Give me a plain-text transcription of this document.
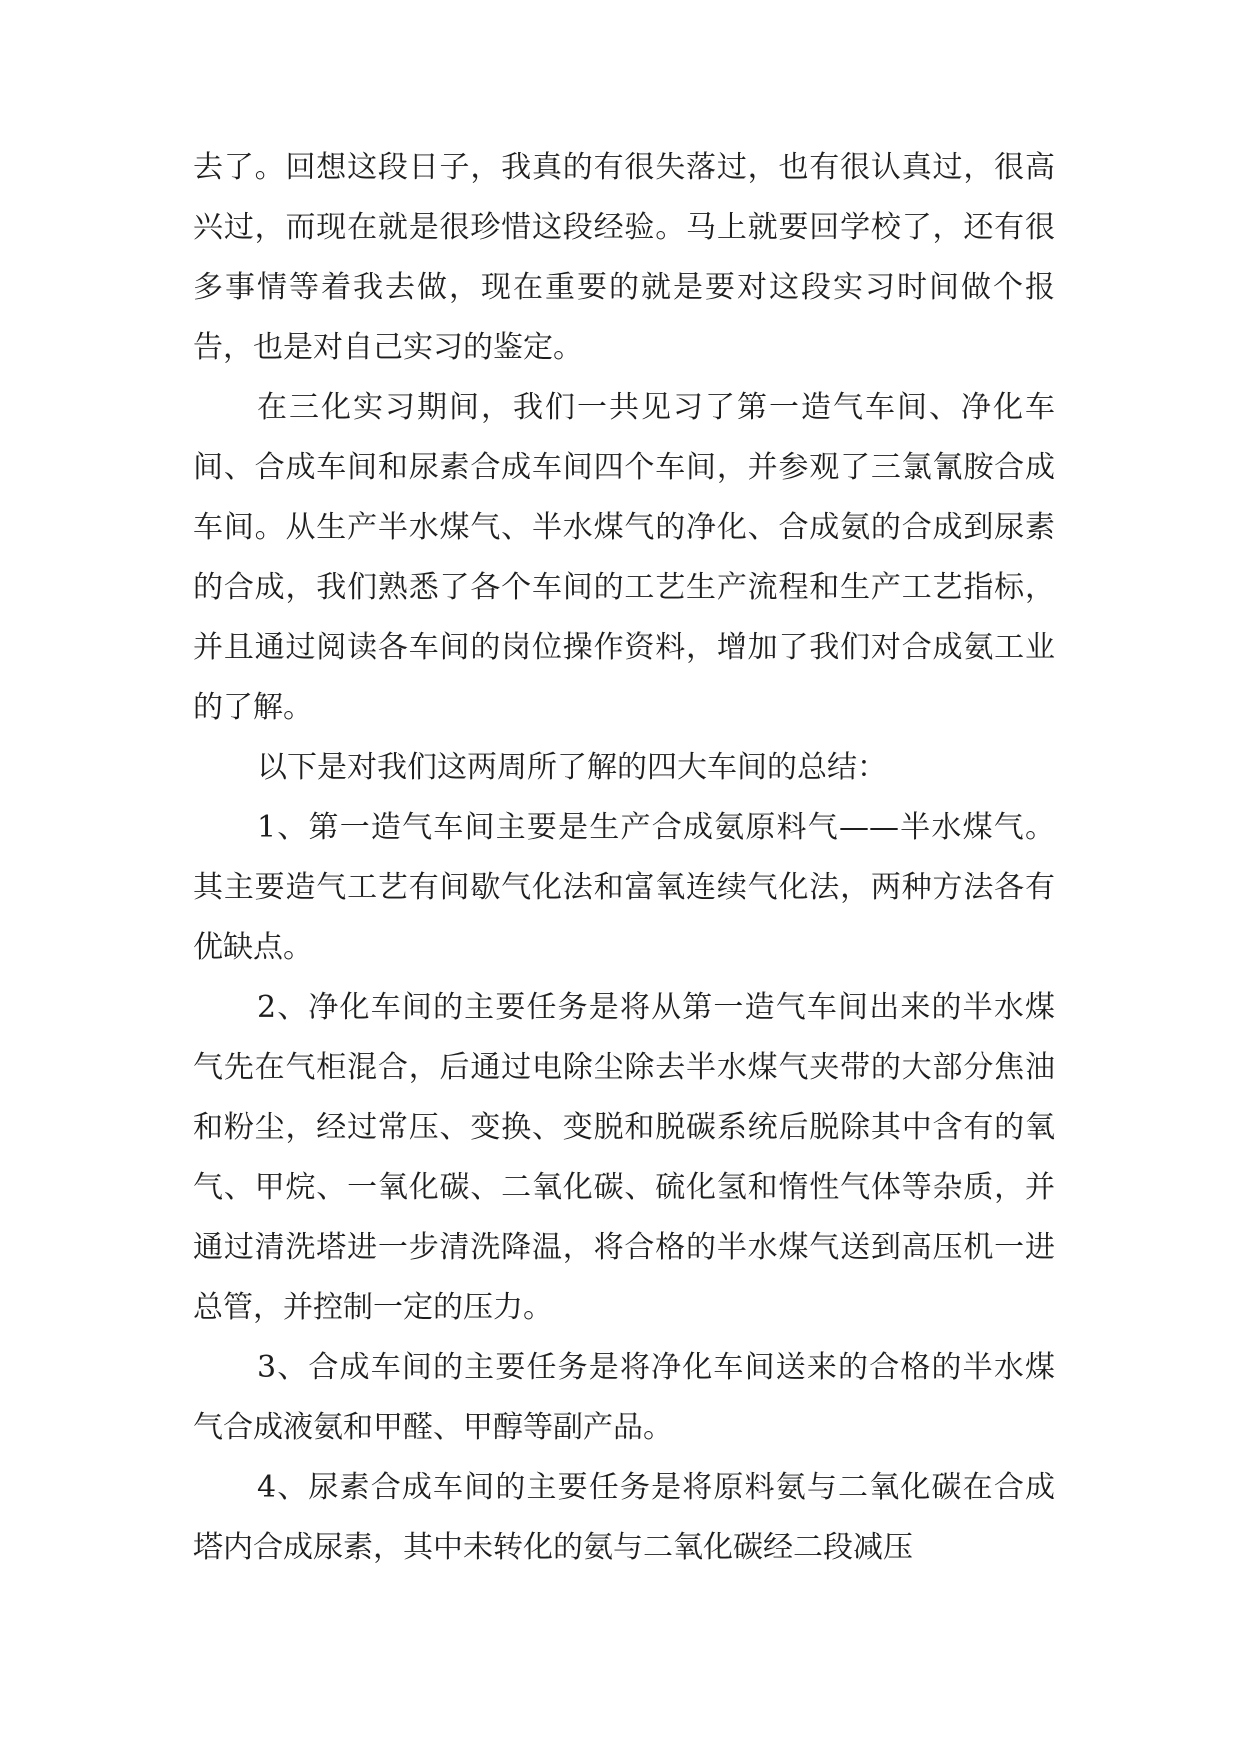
去了。回想这段日子，我真的有很失落过，也有很认真过，很高兴过，而现在就是很珍惜这段经验。马上就要回学校了，还有很多事情等着我去做，现在重要的就是要对这段实习时间做个报告，也是对自己实习的鉴定。

在三化实习期间，我们一共见习了第一造气车间、净化车间、合成车间和尿素合成车间四个车间，并参观了三氯氰胺合成车间。从生产半水煤气、半水煤气的净化、合成氨的合成到尿素的合成，我们熟悉了各个车间的工艺生产流程和生产工艺指标，并且通过阅读各车间的岗位操作资料，增加了我们对合成氨工业的了解。

以下是对我们这两周所了解的四大车间的总结：

1、第一造气车间主要是生产合成氨原料气——半水煤气。其主要造气工艺有间歇气化法和富氧连续气化法，两种方法各有优缺点。

2、净化车间的主要任务是将从第一造气车间出来的半水煤气先在气柜混合，后通过电除尘除去半水煤气夹带的大部分焦油和粉尘，经过常压、变换、变脱和脱碳系统后脱除其中含有的氧气、甲烷、一氧化碳、二氧化碳、硫化氢和惰性气体等杂质，并通过清洗塔进一步清洗降温，将合格的半水煤气送到高压机一进总管，并控制一定的压力。

3、合成车间的主要任务是将净化车间送来的合格的半水煤气合成液氨和甲醛、甲醇等副产品。

4、尿素合成车间的主要任务是将原料氨与二氧化碳在合成塔内合成尿素，其中未转化的氨与二氧化碳经二段减压
